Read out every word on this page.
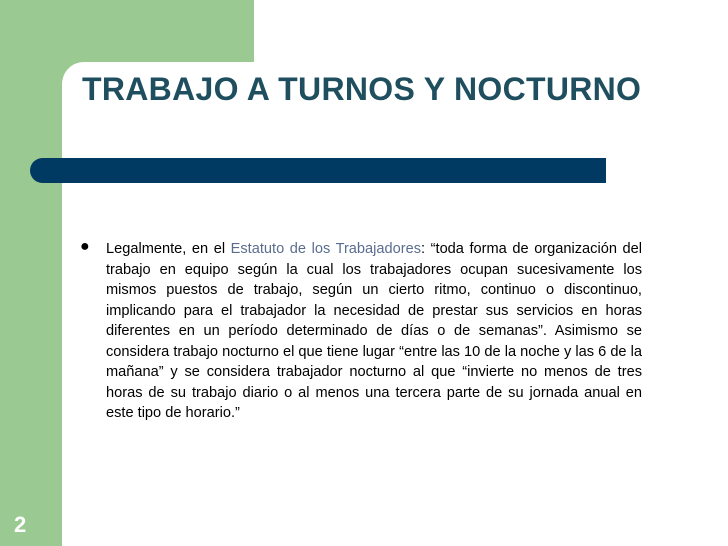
TRABAJO A TURNOS Y NOCTURNO
● Legalmente, en el Estatuto de los Trabajadores: “toda forma de organización del trabajo en equipo según la cual los trabajadores ocupan sucesivamente los mismos puestos de trabajo, según un cierto ritmo, continuo o discontinuo, implicando para el trabajador la necesidad de prestar sus servicios en horas diferentes en un período determinado de días o de semanas”. Asimismo se considera trabajo nocturno el que tiene lugar “entre las 10 de la noche y las 6 de la mañana” y se considera trabajador nocturno al que “invierte no menos de tres horas de su trabajo diario o al menos una tercera parte de su jornada anual en este tipo de horario.”

2
